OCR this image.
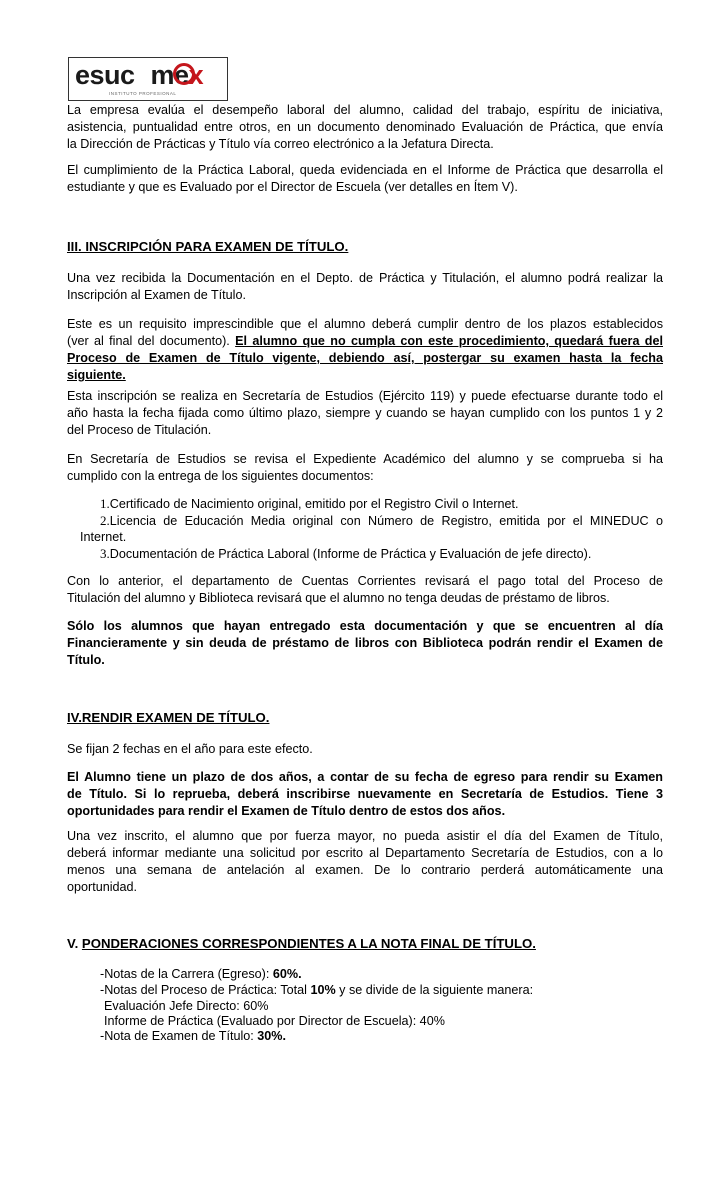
esuc mex
INSTITUTO PROFESIONAL

La empresa evalúa el desempeño laboral del alumno, calidad del trabajo, espíritu de iniciativa,
asistencia, puntualidad entre otros, en un documento denominado Evaluación de Práctica, que envía
la Dirección de Prácticas y Título vía correo electrónico a la Jefatura Directa.

El cumplimiento de la Práctica Laboral, queda evidenciada en el Informe de Práctica que desarrolla el
estudiante y que es Evaluado por el Director de Escuela (ver detalles en Ítem V).

III. INSCRIPCIÓN PARA EXAMEN DE TÍTULO.

Una vez recibida la Documentación en el Depto. de Práctica y Titulación, el alumno podrá realizar la
Inscripción al Examen de Título.

Este es un requisito imprescindible que el alumno deberá cumplir dentro de los plazos establecidos
(ver al final del documento). El alumno que no cumpla con este procedimiento, quedará fuera del
Proceso de Examen de Título vigente, debiendo así, postergar su examen hasta la fecha
siguiente.

Esta inscripción se realiza en Secretaría de Estudios (Ejército 119) y puede efectuarse durante todo el
año hasta la fecha fijada como último plazo, siempre y cuando se hayan cumplido con los puntos 1 y 2
del Proceso de Titulación.

En Secretaría de Estudios se revisa el Expediente Académico del alumno y se comprueba si ha
cumplido con la entrega de los siguientes documentos:

1.Certificado de Nacimiento original, emitido por el Registro Civil o Internet.
2.Licencia de Educación Media original con Número de Registro, emitida por el MINEDUC o
Internet.
3.Documentación de Práctica Laboral (Informe de Práctica y Evaluación de jefe directo).

Con lo anterior, el departamento de Cuentas Corrientes revisará el pago total del Proceso de
Titulación del alumno y Biblioteca revisará que el alumno no tenga deudas de préstamo de libros.

Sólo los alumnos que hayan entregado esta documentación y que se encuentren al día
Financieramente y sin deuda de préstamo de libros con Biblioteca podrán rendir el Examen de
Título.

IV.RENDIR EXAMEN DE TÍTULO.

Se fijan 2 fechas en el año para este efecto.

El Alumno tiene un plazo de dos años, a contar de su fecha de egreso para rendir su Examen
de Título. Si lo reprueba, deberá inscribirse nuevamente en Secretaría de Estudios. Tiene 3
oportunidades para rendir el Examen de Título dentro de estos dos años.

Una vez inscrito, el alumno que por fuerza mayor, no pueda asistir el día del Examen de Título,
deberá informar mediante una solicitud por escrito al Departamento Secretaría de Estudios, con a lo
menos una semana de antelación al examen. De lo contrario perderá automáticamente una
oportunidad.

V. PONDERACIONES CORRESPONDIENTES A LA NOTA FINAL DE TÍTULO.
-Notas de la Carrera (Egreso): 60%.
-Notas del Proceso de Práctica: Total 10% y se divide de la siguiente manera:
Evaluación Jefe Directo: 60%
Informe de Práctica (Evaluado por Director de Escuela): 40%
-Nota de Examen de Título: 30%.
